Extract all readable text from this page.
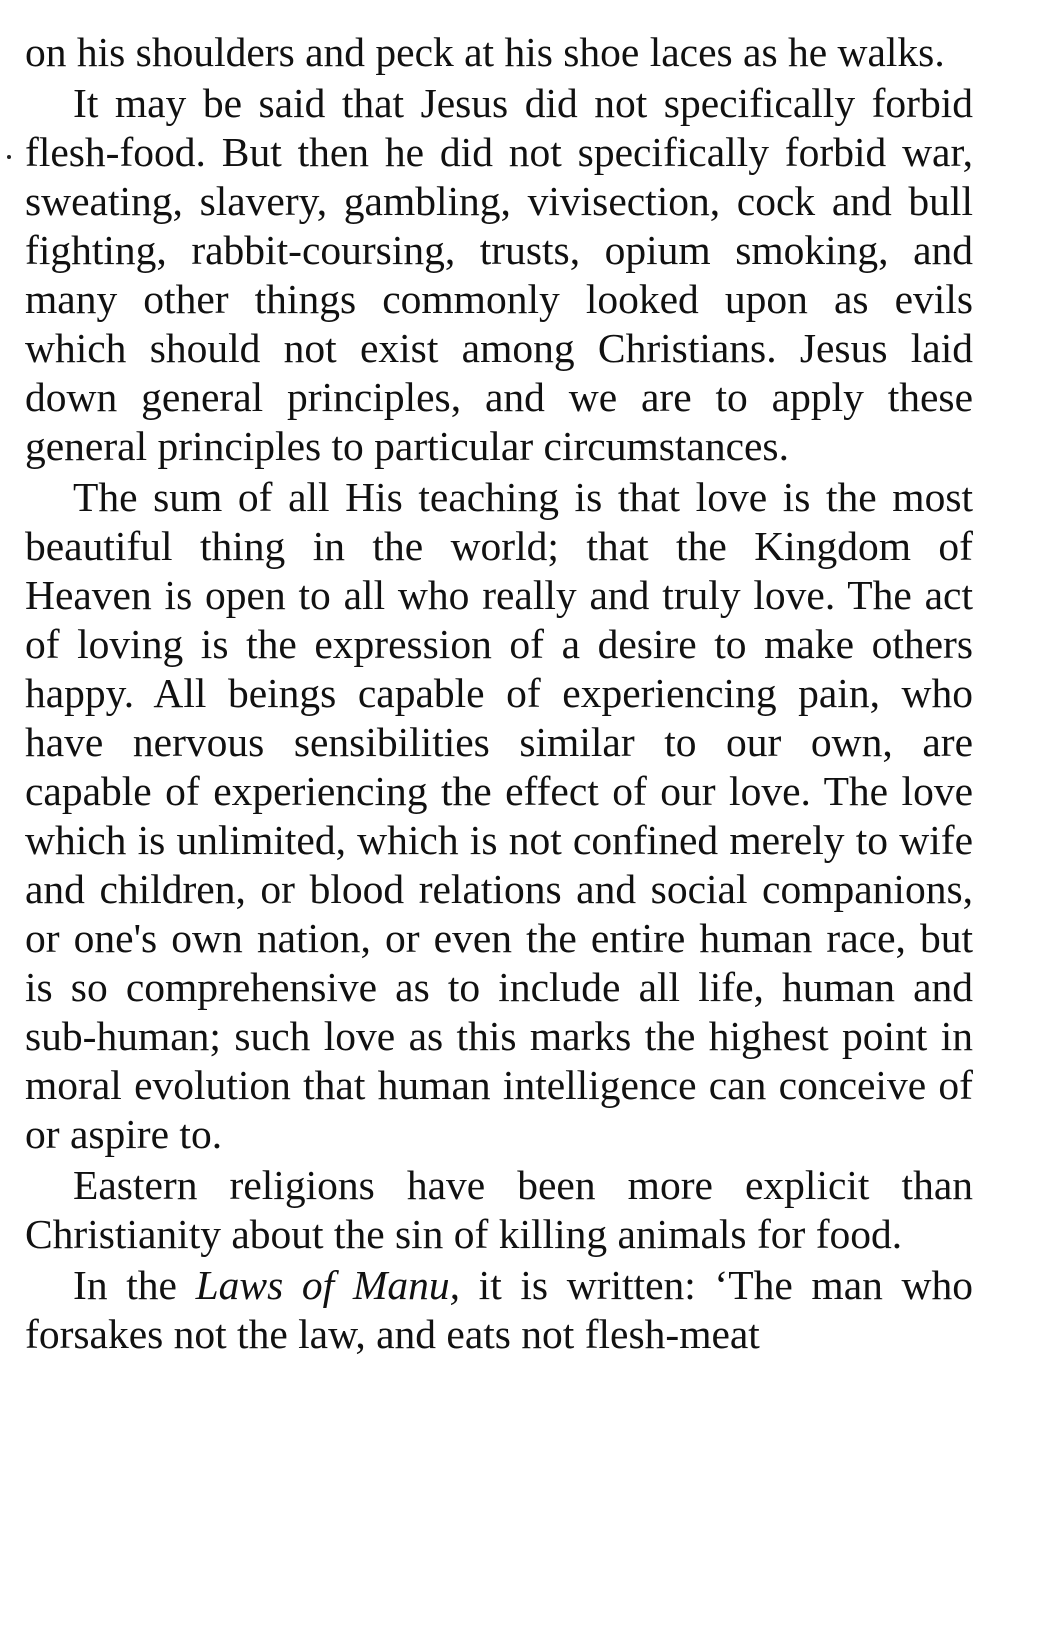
on his shoulders and peck at his shoe laces as he walks.

It may be said that Jesus did not specifically forbid flesh-food. But then he did not specifically forbid war, sweating, slavery, gambling, vivisection, cock and bull fighting, rabbit-coursing, trusts, opium smoking, and many other things commonly looked upon as evils which should not exist among Christians. Jesus laid down general principles, and we are to apply these general principles to particular circumstances.

The sum of all His teaching is that love is the most beautiful thing in the world; that the Kingdom of Heaven is open to all who really and truly love. The act of loving is the expression of a desire to make others happy. All beings capable of experiencing pain, who have nervous sensibilities similar to our own, are capable of experiencing the effect of our love. The love which is unlimited, which is not confined merely to wife and children, or blood relations and social companions, or one's own nation, or even the entire human race, but is so comprehensive as to include all life, human and sub-human; such love as this marks the highest point in moral evolution that human intelligence can conceive of or aspire to.

Eastern religions have been more explicit than Christianity about the sin of killing animals for food.

In the Laws of Manu, it is written: ‘The man who forsakes not the law, and eats not flesh-meat
